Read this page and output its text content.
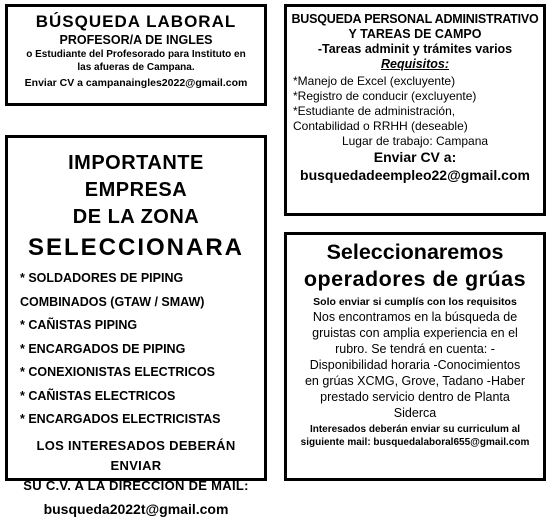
BÚSQUEDA LABORAL
PROFESOR/A DE INGLES
o Estudiante del Profesorado para Instituto en
las afueras de Campana.
Enviar CV a campanaingles2022@gmail.com
BUSQUEDA PERSONAL ADMINISTRATIVO
Y TAREAS DE CAMPO
-Tareas adminit y trámites varios
Requisitos:
*Manejo de Excel (excluyente)
*Registro de conducir (excluyente)
*Estudiante de administración,
Contabilidad o RRHH (deseable)
Lugar de trabajo: Campana
Enviar CV a:
busquedadeempleo22@gmail.com
IMPORTANTE EMPRESA
DE LA ZONA
SELECCIONARA
* SOLDADORES DE PIPING
COMBINADOS (GTAW / SMAW)
* CAÑISTAS PIPING
* ENCARGADOS DE PIPING
* CONEXIONISTAS ELECTRICOS
* CAÑISTAS ELECTRICOS
* ENCARGADOS ELECTRICISTAS
LOS INTERESADOS DEBERÁN ENVIAR
SU C.V. A LA DIRECCIÓN DE MAIL:
busqueda2022t@gmail.com
Seleccionaremos
operadores de grúas
Solo enviar si cumplís con los requisitos
Nos encontramos en la búsqueda de
gruistas con amplia experiencia en el
rubro. Se tendrá en cuenta: -
Disponibilidad horaria -Conocimientos
en grúas XCMG, Grove, Tadano -Haber
prestado servicio dentro de Planta
Siderca
Interesados deberán enviar su curriculum al
siguiente mail: busquedalaboral655@gmail.com
